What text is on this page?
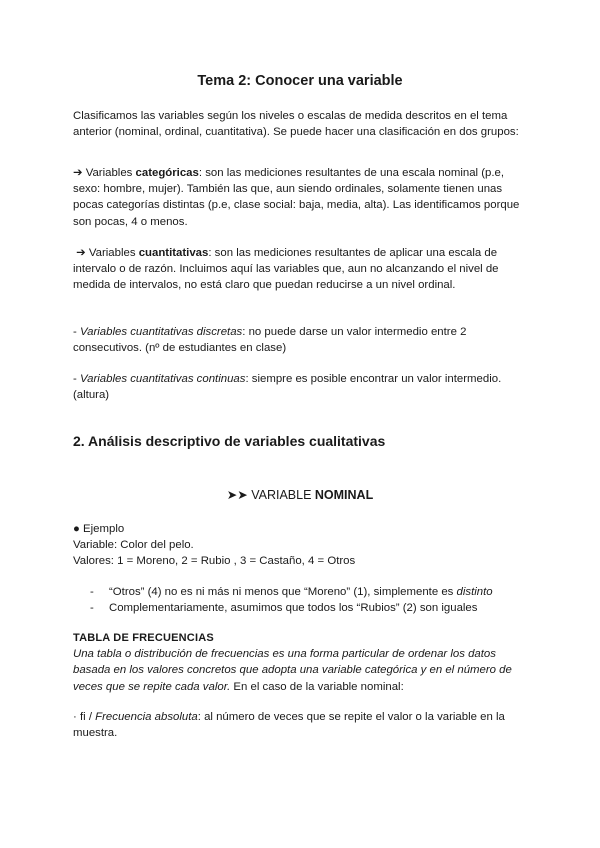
Tema 2: Conocer una variable

Clasificamos las variables según los niveles o escalas de medida descritos en el tema anterior (nominal, ordinal, cuantitativa). Se puede hacer una clasificación en dos grupos:

➔ Variables categóricas: son las mediciones resultantes de una escala nominal (p.e, sexo: hombre, mujer). También las que, aun siendo ordinales, solamente tienen unas pocas categorías distintas (p.e, clase social: baja, media, alta). Las identificamos porque son pocas, 4 o menos.

➔ Variables cuantitativas: son las mediciones resultantes de aplicar una escala de intervalo o de razón. Incluimos aquí las variables que, aun no alcanzando el nivel de medida de intervalos, no está claro que puedan reducirse a un nivel ordinal.

- Variables cuantitativas discretas: no puede darse un valor intermedio entre 2 consecutivos. (nº de estudiantes en clase)

- Variables cuantitativas continuas: siempre es posible encontrar un valor intermedio. (altura)

2. Análisis descriptivo de variables cualitativas
➤➤ VARIABLE NOMINAL

● Ejemplo

Variable: Color del pelo.

Valores: 1 = Moreno, 2 = Rubio , 3 = Castaño, 4 = Otros

- “Otros” (4) no es ni más ni menos que “Moreno” (1), simplemente es distinto
- Complementariamente, asumimos que todos los “Rubios” (2) son iguales

TABLA DE FRECUENCIAS

Una tabla o distribución de frecuencias es una forma particular de ordenar los datos basada en los valores concretos que adopta una variable categórica y en el número de veces que se repite cada valor. En el caso de la variable nominal:

· fi / Frecuencia absoluta: al número de veces que se repite el valor o la variable en la muestra.
